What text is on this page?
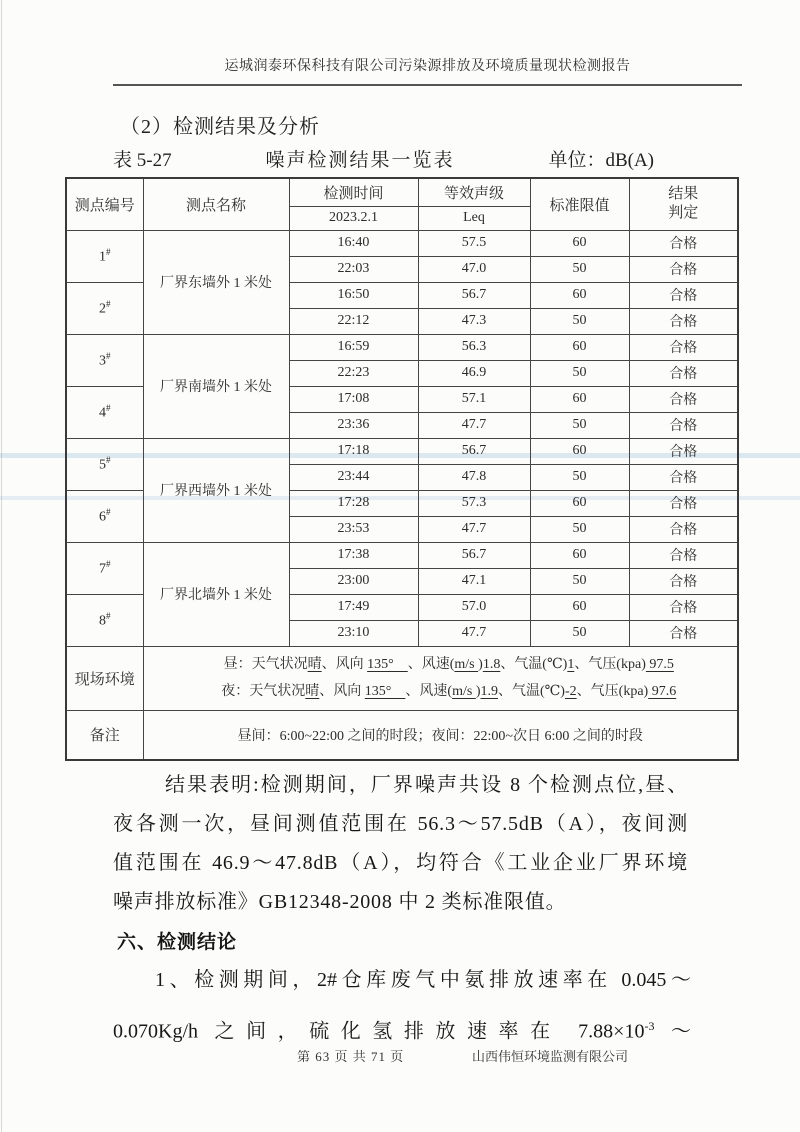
运城润泰环保科技有限公司污染源排放及环境质量现状检测报告
（2）检测结果及分析
表 5-27	噪声检测结果一览表	单位：dB(A)
测点编号	测点名称	检测时间	等效声级	标准限值	结果
判定

		2023.2.1	Leq		
1#	厂界东墙外 1 米处	16:40	57.5	60	合格
		22:03	47.0	50	合格
2#		16:50	56.7	60	合格
		22:12	47.3	50	合格
3#	厂界南墙外 1 米处	16:59	56.3	60	合格
		22:23	46.9	50	合格
4#		17:08	57.1	60	合格
		23:36	47.7	50	合格
5#	厂界西墙外 1 米处	17:18	56.7	60	合格
		23:44	47.8	50	合格
6#		17:28	57.3	60	合格
		23:53	47.7	50	合格
7#	厂界北墙外 1 米处	17:38	56.7	60	合格
		23:00	47.1	50	合格
8#		17:49	57.0	60	合格
		23:10	47.7	50	合格
现场环境	昼：天气状况晴、风向 135°　、风速(m/s )1.8、气温(℃)1、气压(kpa) 97.5
夜：天气状况晴、风向 135°　、风速(m/s )1.9、气温(℃)-2、气压(kpa) 97.6				

备注	昼间：6:00~22:00 之间的时段；夜间：22:00~次日 6:00 之间的时段				
结果表明:检测期间，厂界噪声共设 8 个检测点位,昼、
夜各测一次，昼间测值范围在 56.3～57.5dB（A），夜间测
值范围在 46.9～47.8dB（A），均符合《工业企业厂界环境
噪声排放标准》GB12348-2008 中 2 类标准限值。
六、检测结论
1、检测期间，2#仓库废气中氨排放速率在 0.045～
0.070Kg/h 之间，硫化氢排放速率在 $7.88\times 10^{-3}$ ～
第 63 页 共 71 页	山西伟恒环境监测有限公司
